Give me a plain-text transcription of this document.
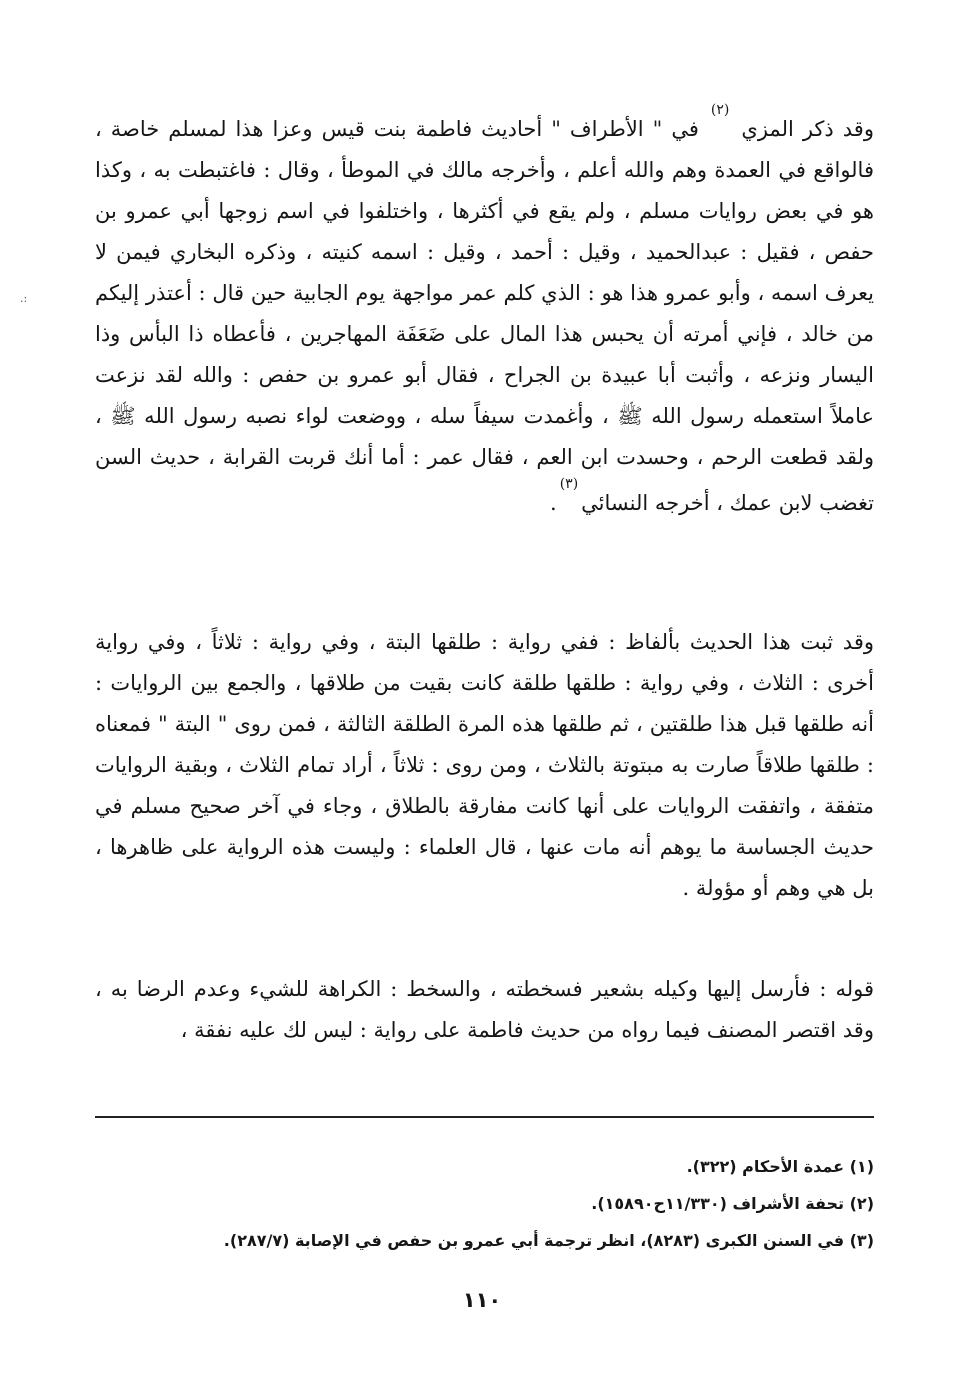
.:

وقد ذكر المزي $^{(٢)}$ في " الأطراف " أحاديث فاطمة بنت قيس وعزا هذا لمسلم خاصة ، فالواقع في العمدة وهم والله أعلم ، وأخرجه مالك في الموطأ ، وقال : فاغتبطت به ، وكذا هو في بعض روايات مسلم ، ولم يقع في أكثرها ، واختلفوا في اسم زوجها أبي عمرو بن حفص ، فقيل : عبدالحميد ، وقيل : أحمد ، وقيل : اسمه كنيته ، وذكره البخاري فيمن لا يعرف اسمه ، وأبو عمرو هذا هو : الذي كلم عمر مواجهة يوم الجابية حين قال : أعتذر إليكم من خالد ، فإني أمرته أن يحبس هذا المال على ضَعَفَة المهاجرين ، فأعطاه ذا البأس وذا اليسار ونزعه ، وأثبت أبا عبيدة بن الجراح ، فقال أبو عمرو بن حفص : والله لقد نزعت عاملاً استعمله رسول الله ﷺ ، وأغمدت سيفاً سله ، ووضعت لواء نصبه رسول الله ﷺ ، ولقد قطعت الرحم ، وحسدت ابن العم ، فقال عمر : أما أنك قربت القرابة ، حديث السن تغضب لابن عمك ، أخرجه النسائي$^{(٣)}$.

وقد ثبت هذا الحديث بألفاظ : ففي رواية : طلقها البتة ، وفي رواية : ثلاثاً ، وفي رواية أخرى : الثلاث ، وفي رواية : طلقها طلقة كانت بقيت من طلاقها ، والجمع بين الروايات : أنه طلقها قبل هذا طلقتين ، ثم طلقها هذه المرة الطلقة الثالثة ، فمن روى " البتة " فمعناه : طلقها طلاقاً صارت به مبتوتة بالثلاث ، ومن روى : ثلاثاً ، أراد تمام الثلاث ، وبقية الروايات متفقة ، واتفقت الروايات على أنها كانت مفارقة بالطلاق ، وجاء في آخر صحيح مسلم في حديث الجساسة ما يوهم أنه مات عنها ، قال العلماء : وليست هذه الرواية على ظاهرها ، بل هي وهم أو مؤولة .

قوله : فأرسل إليها وكيله بشعير فسخطته ، والسخط : الكراهة للشيء وعدم الرضا به ، وقد اقتصر المصنف فيما رواه من حديث فاطمة على رواية : ليس لك عليه نفقة ،

(١) عمدة الأحكام (٣٢٢).
(٢) تحفة الأشراف (١١/٣٣٠ح١٥٨٩٠).
(٣) في السنن الكبرى (٨٢٨٣)، انظر ترجمة أبي عمرو بن حفص في الإصابة (٢٨٧/٧).
١١٠
